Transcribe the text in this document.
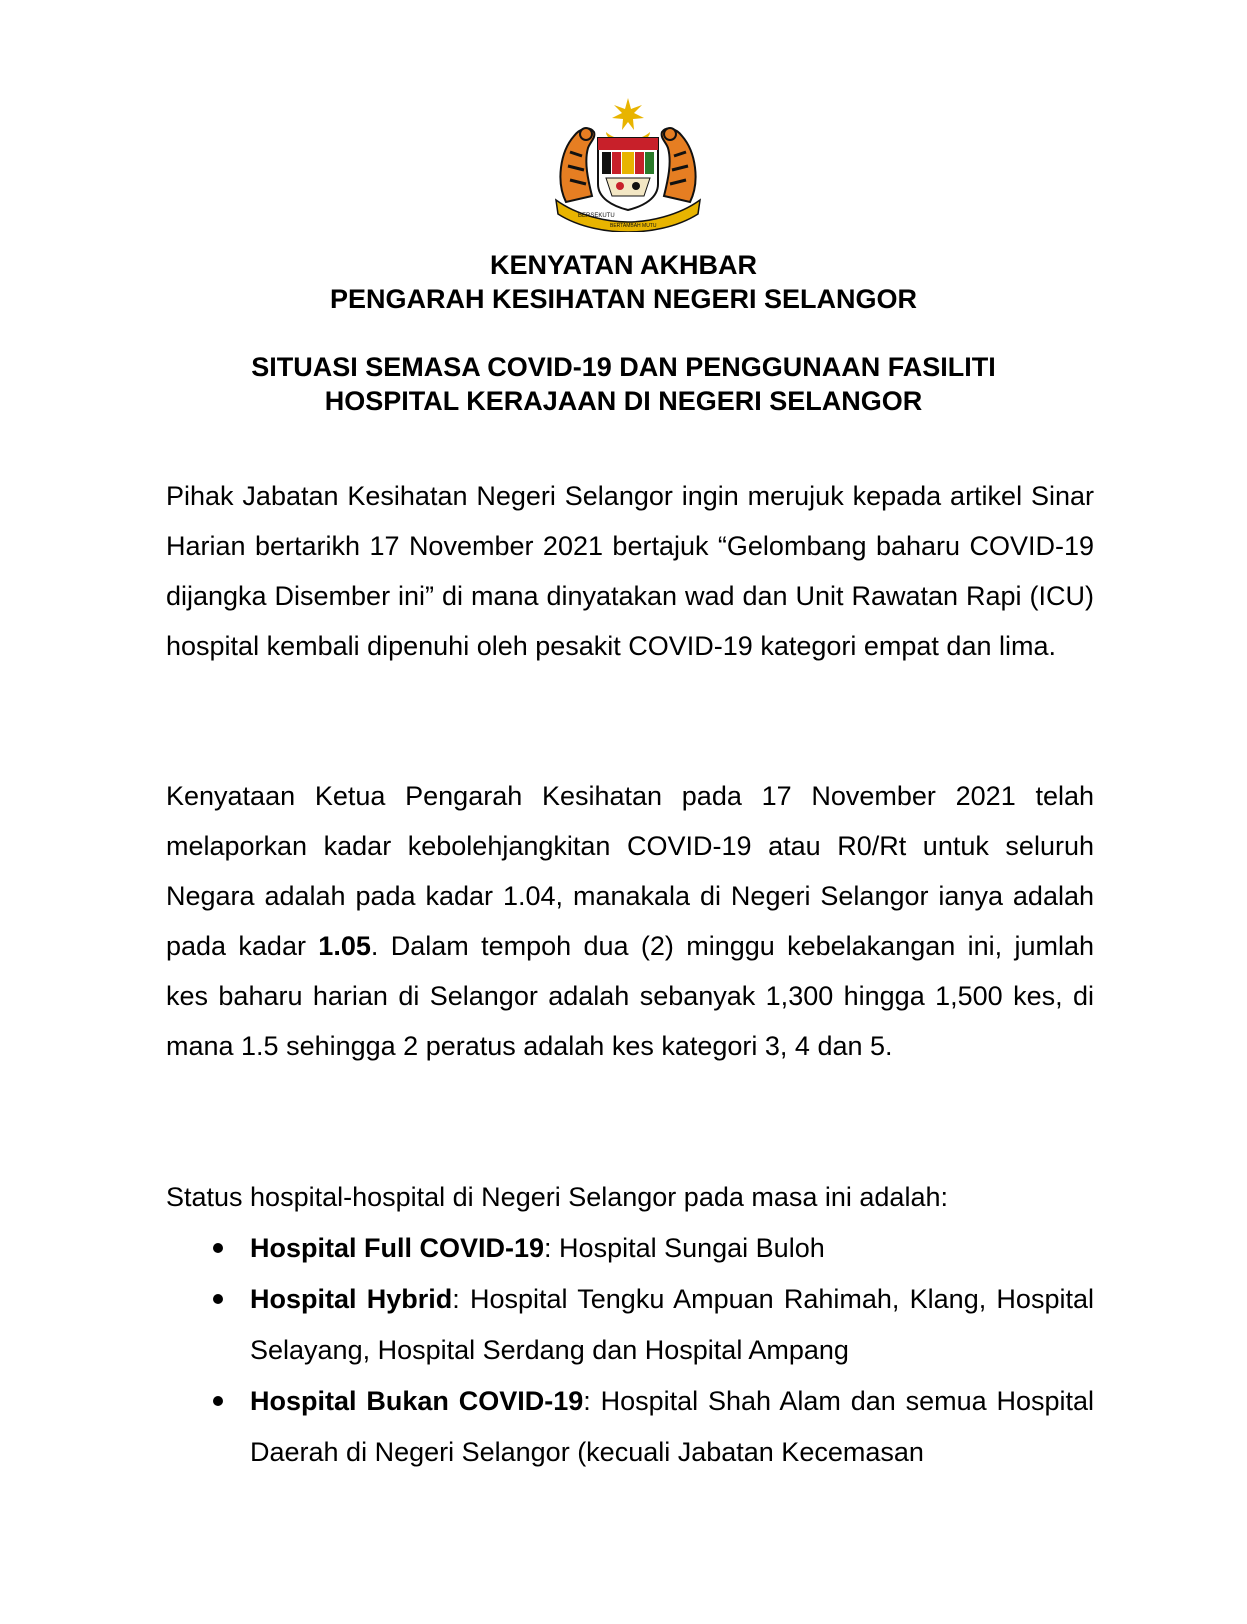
BERSEKUTU
BERTAMBAH MUTU
KENYATAN AKHBAR
PENGARAH KESIHATAN NEGERI SELANGOR
SITUASI SEMASA COVID-19 DAN PENGGUNAAN FASILITI
HOSPITAL KERAJAAN DI NEGERI SELANGOR

Pihak Jabatan Kesihatan Negeri Selangor ingin merujuk kepada artikel Sinar Harian bertarikh 17 November 2021 bertajuk “Gelombang baharu COVID-19 dijangka Disember ini” di mana dinyatakan wad dan Unit Rawatan Rapi (ICU) hospital kembali dipenuhi oleh pesakit COVID-19 kategori empat dan lima.

Kenyataan Ketua Pengarah Kesihatan pada 17 November 2021 telah melaporkan kadar kebolehjangkitan COVID-19 atau R0/Rt untuk seluruh Negara adalah pada kadar 1.04, manakala di Negeri Selangor ianya adalah pada kadar 1.05. Dalam tempoh dua (2) minggu kebelakangan ini, jumlah kes baharu harian di Selangor adalah sebanyak 1,300 hingga 1,500 kes, di mana 1.5 sehingga 2 peratus adalah kes kategori 3, 4 dan 5.

Status hospital-hospital di Negeri Selangor pada masa ini adalah:

Hospital Full COVID-19: Hospital Sungai Buloh
Hospital Hybrid: Hospital Tengku Ampuan Rahimah, Klang, Hospital Selayang, Hospital Serdang dan Hospital Ampang
Hospital Bukan COVID-19: Hospital Shah Alam dan semua Hospital Daerah di Negeri Selangor (kecuali Jabatan Kecemasan
